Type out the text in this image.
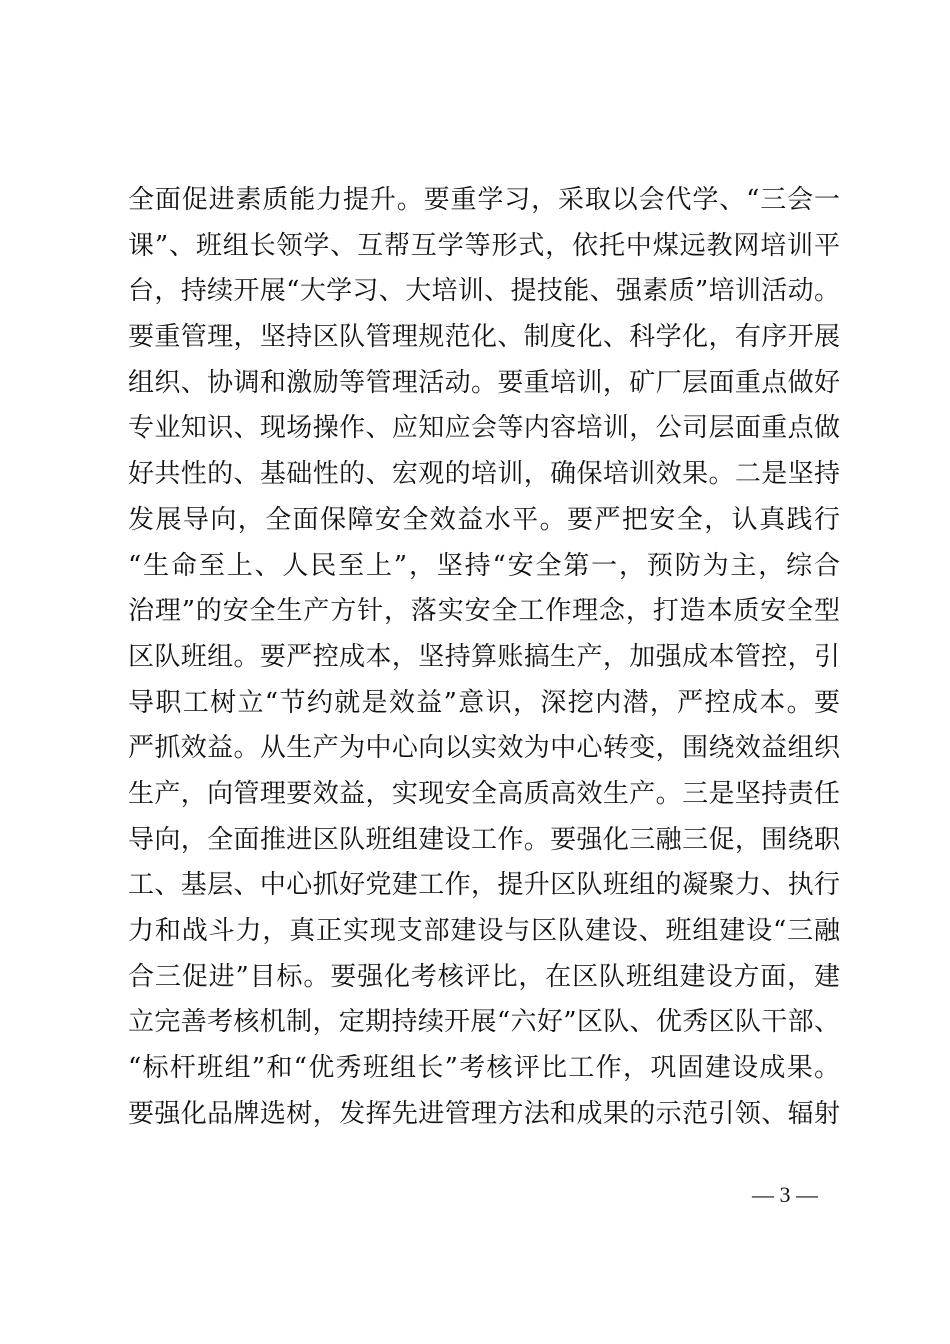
全面促进素质能力提升。要重学习，采取以会代学、“三会一
课”、班组长领学、互帮互学等形式，依托中煤远教网培训平
台，持续开展“大学习、大培训、提技能、强素质”培训活动。
要重管理，坚持区队管理规范化、制度化、科学化，有序开展
组织、协调和激励等管理活动。要重培训，矿厂层面重点做好
专业知识、现场操作、应知应会等内容培训，公司层面重点做
好共性的、基础性的、宏观的培训，确保培训效果。二是坚持
发展导向，全面保障安全效益水平。要严把安全，认真践行
“生命至上、人民至上”，坚持“安全第一，预防为主，综合
治理”的安全生产方针，落实安全工作理念，打造本质安全型
区队班组。要严控成本，坚持算账搞生产，加强成本管控，引
导职工树立“节约就是效益”意识，深挖内潜，严控成本。要
严抓效益。从生产为中心向以实效为中心转变，围绕效益组织
生产，向管理要效益，实现安全高质高效生产。三是坚持责任
导向，全面推进区队班组建设工作。要强化三融三促，围绕职
工、基层、中心抓好党建工作，提升区队班组的凝聚力、执行
力和战斗力，真正实现支部建设与区队建设、班组建设“三融
合三促进”目标。要强化考核评比，在区队班组建设方面，建
立完善考核机制，定期持续开展“六好”区队、优秀区队干部、
“标杆班组”和“优秀班组长”考核评比工作，巩固建设成果。
要强化品牌选树，发挥先进管理方法和成果的示范引领、辐射
— 3 —
